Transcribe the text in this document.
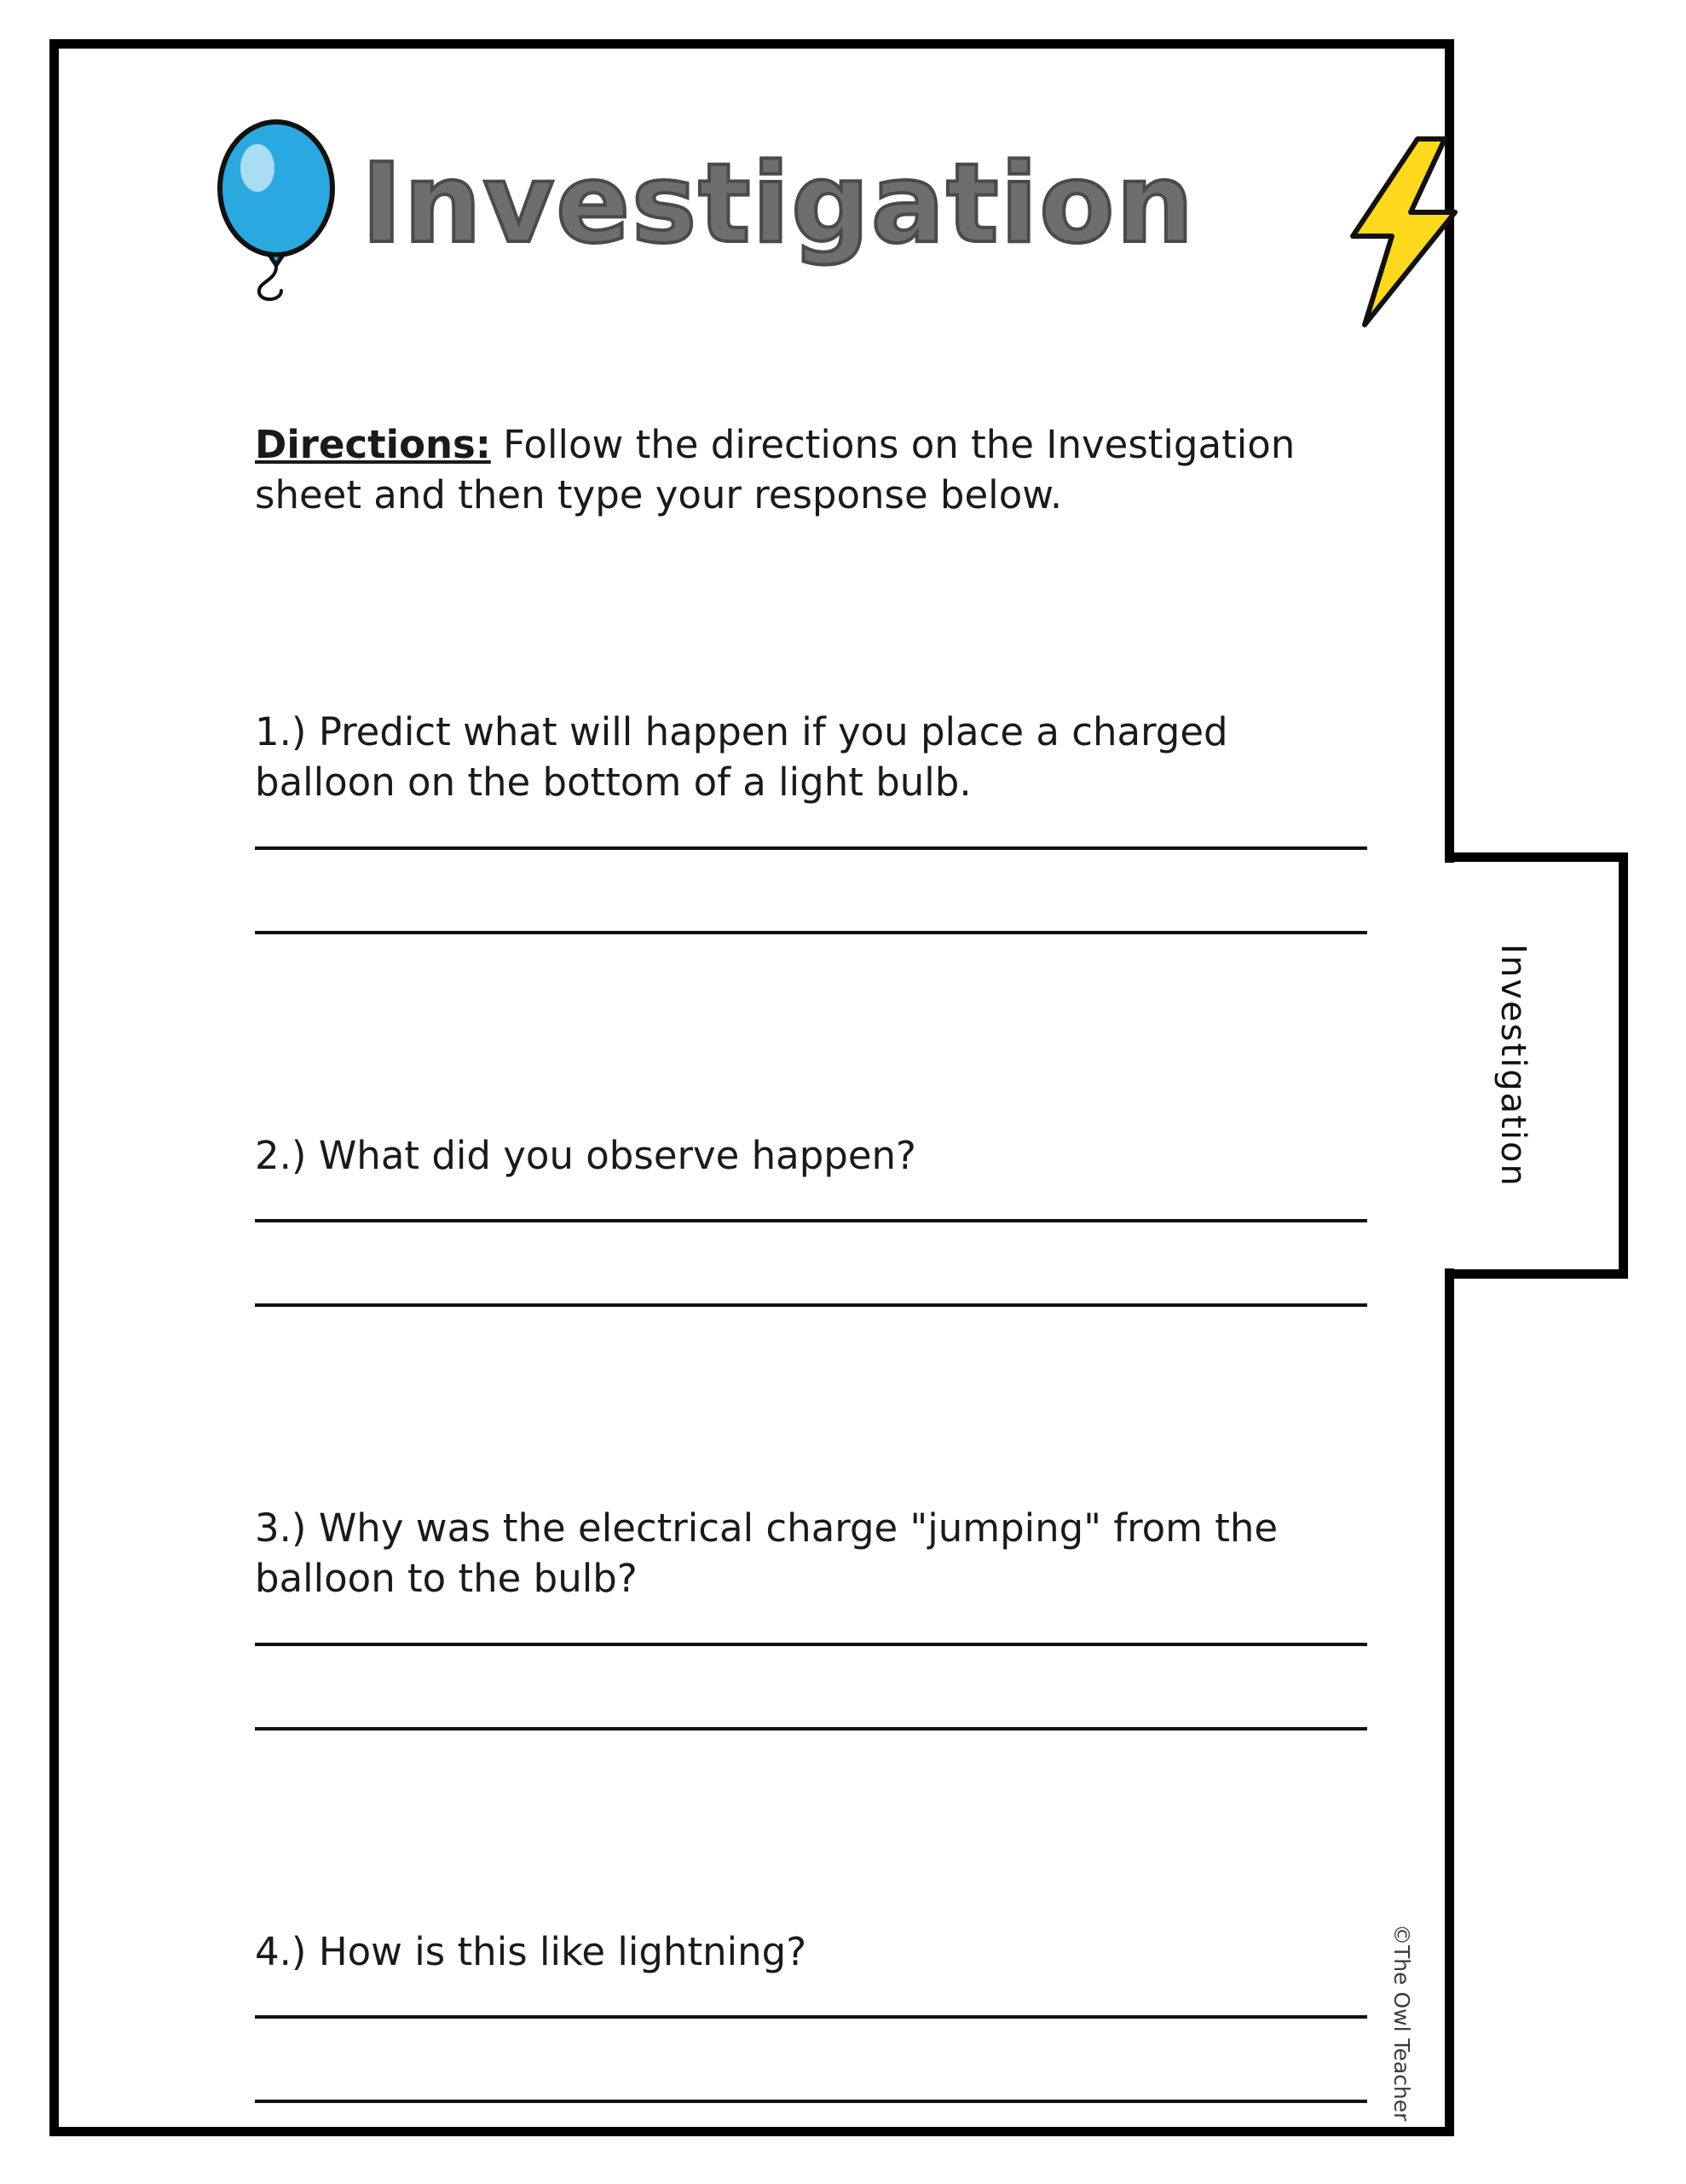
Investigation
Investigation

Directions: Follow the directions on the Investigation sheet and then type your response below.

1.) Predict what will happen if you place a charged balloon on the bottom of a light bulb.

2.) What did you observe happen?

3.) Why was the electrical charge "jumping" from the balloon to the bulb?

4.) How is this like lightning?	©The Owl Teacher
